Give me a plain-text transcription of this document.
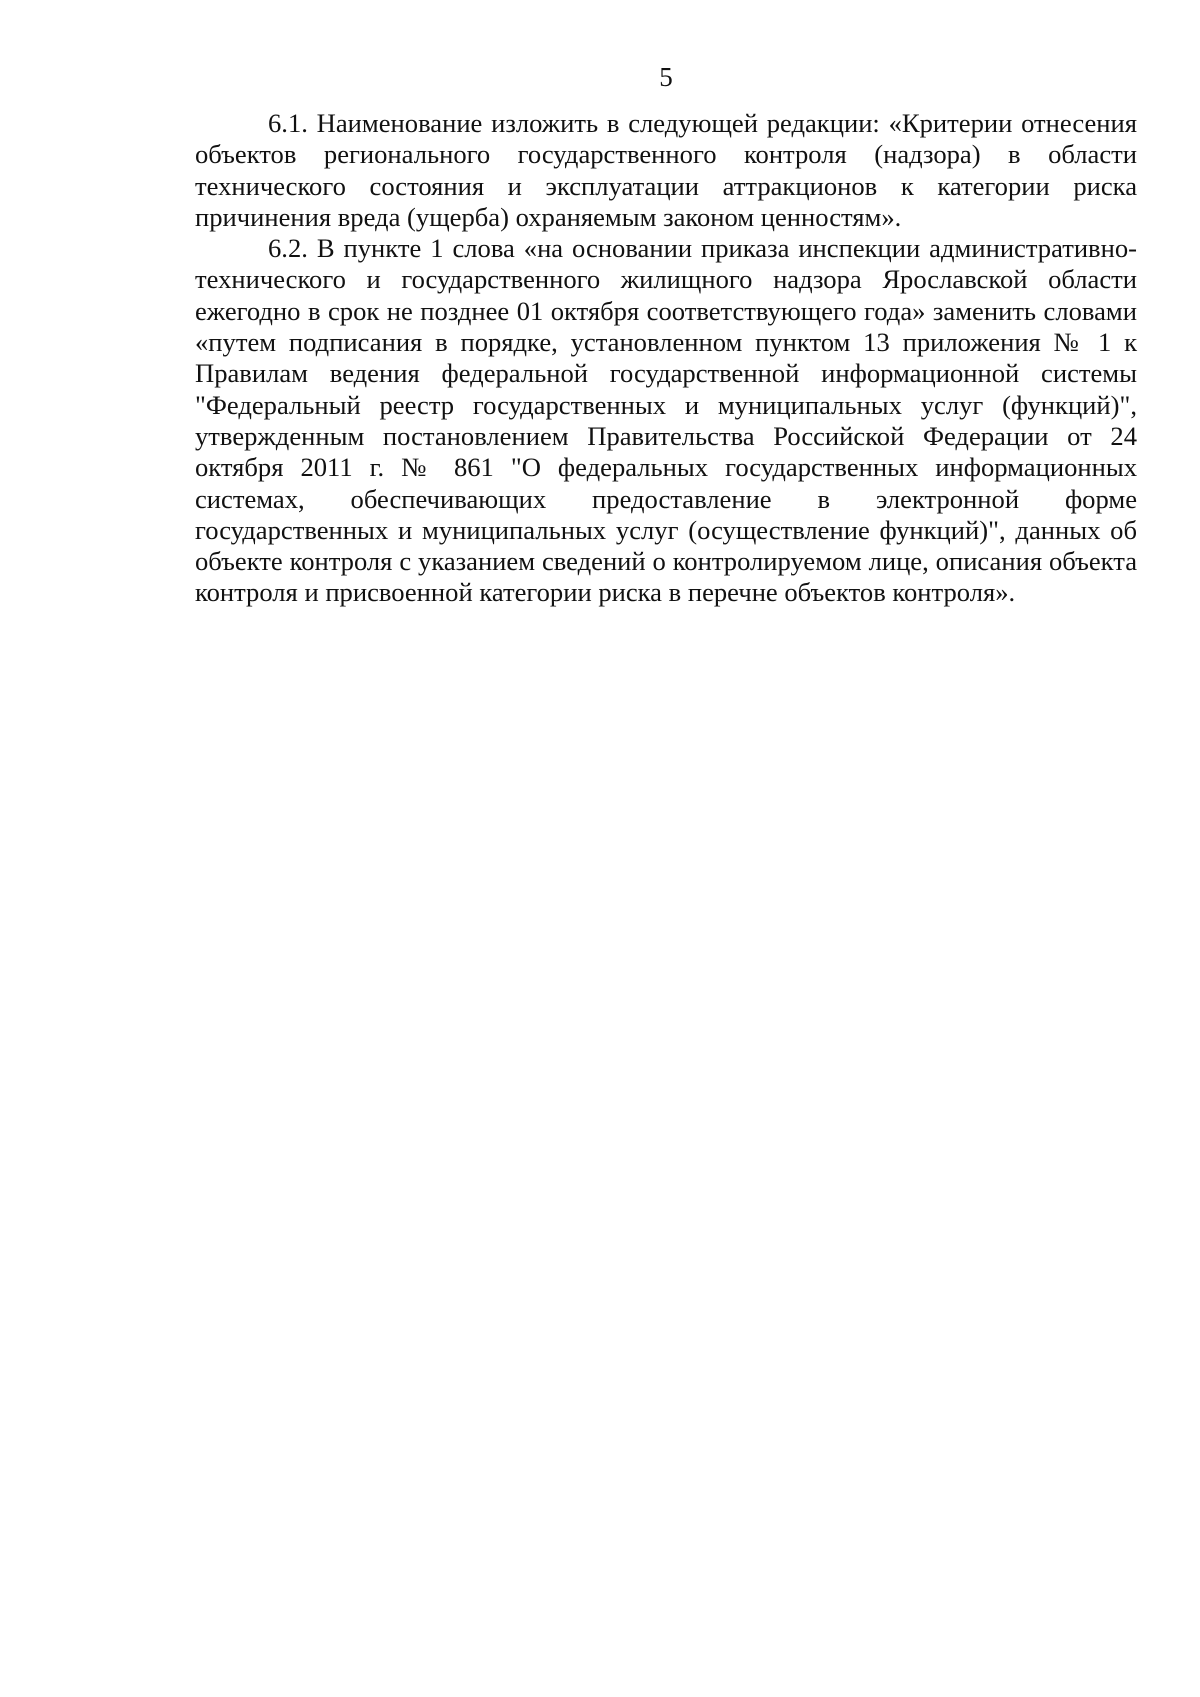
5

6.1. Наименование изложить в следующей редакции: «Критерии отнесения объектов регионального государственного контроля (надзора) в области технического состояния и эксплуатации аттракционов к категории риска причинения вреда (ущерба) охраняемым законом ценностям».

6.2. В пункте 1 слова «на основании приказа инспекции административно-технического и государственного жилищного надзора Ярославской области ежегодно в срок не позднее 01 октября соответствующего года» заменить словами «путем подписания в порядке, установленном пунктом 13 приложения № 1 к Правилам ведения федеральной государственной информационной системы "Федеральный реестр государственных и муниципальных услуг (функций)", утвержденным постановлением Правительства Российской Федерации от 24 октября 2011 г. № 861 "О федеральных государственных информационных системах, обеспечивающих предоставление в электронной форме государственных и муниципальных услуг (осуществление функций)", данных об объекте контроля с указанием сведений о контролируемом лице, описания объекта контроля и присвоенной категории риска в перечне объектов контроля».
